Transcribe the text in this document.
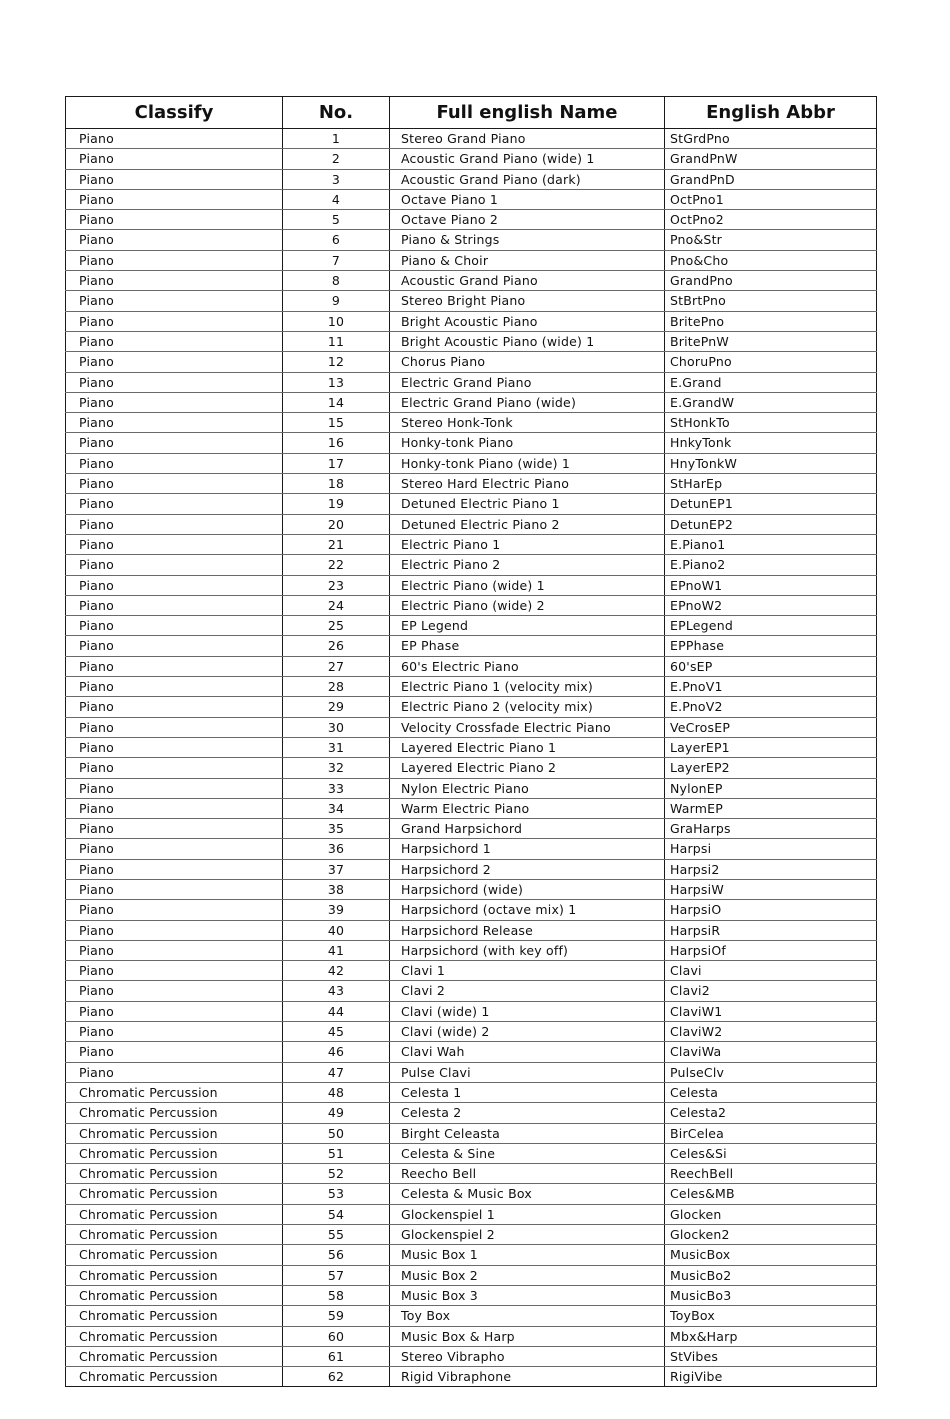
Classify	No.	Full english Name	English Abbr
Piano	1	Stereo Grand Piano	StGrdPno
Piano	2	Acoustic Grand Piano (wide) 1	GrandPnW
Piano	3	Acoustic Grand Piano (dark)	GrandPnD
Piano	4	Octave Piano 1	OctPno1
Piano	5	Octave Piano 2	OctPno2
Piano	6	Piano & Strings	Pno&Str
Piano	7	Piano & Choir	Pno&Cho
Piano	8	Acoustic Grand Piano	GrandPno
Piano	9	Stereo Bright Piano	StBrtPno
Piano	10	Bright Acoustic Piano	BritePno
Piano	11	Bright Acoustic Piano (wide) 1	BritePnW
Piano	12	Chorus Piano	ChoruPno
Piano	13	Electric Grand Piano	E.Grand
Piano	14	Electric Grand Piano (wide)	E.GrandW
Piano	15	Stereo Honk-Tonk	StHonkTo
Piano	16	Honky-tonk Piano	HnkyTonk
Piano	17	Honky-tonk Piano (wide) 1	HnyTonkW
Piano	18	Stereo Hard Electric Piano	StHarEp
Piano	19	Detuned Electric Piano 1	DetunEP1
Piano	20	Detuned Electric Piano 2	DetunEP2
Piano	21	Electric Piano 1	E.Piano1
Piano	22	Electric Piano 2	E.Piano2
Piano	23	Electric Piano (wide) 1	EPnoW1
Piano	24	Electric Piano (wide) 2	EPnoW2
Piano	25	EP Legend	EPLegend
Piano	26	EP Phase	EPPhase
Piano	27	60's Electric Piano	60'sEP
Piano	28	Electric Piano 1 (velocity mix)	E.PnoV1
Piano	29	Electric Piano 2 (velocity mix)	E.PnoV2
Piano	30	Velocity Crossfade Electric Piano	VeCrosEP
Piano	31	Layered Electric Piano 1	LayerEP1
Piano	32	Layered Electric Piano 2	LayerEP2
Piano	33	Nylon Electric Piano	NylonEP
Piano	34	Warm Electric Piano	WarmEP
Piano	35	Grand Harpsichord	GraHarps
Piano	36	Harpsichord 1	Harpsi
Piano	37	Harpsichord 2	Harpsi2
Piano	38	Harpsichord (wide)	HarpsiW
Piano	39	Harpsichord (octave mix) 1	HarpsiO
Piano	40	Harpsichord Release	HarpsiR
Piano	41	Harpsichord (with key off)	HarpsiOf
Piano	42	Clavi 1	Clavi
Piano	43	Clavi 2	Clavi2
Piano	44	Clavi (wide) 1	ClaviW1
Piano	45	Clavi (wide) 2	ClaviW2
Piano	46	Clavi Wah	ClaviWa
Piano	47	Pulse Clavi	PulseClv
Chromatic Percussion	48	Celesta 1	Celesta
Chromatic Percussion	49	Celesta 2	Celesta2
Chromatic Percussion	50	Birght Celeasta	BirCelea
Chromatic Percussion	51	Celesta & Sine	Celes&Si
Chromatic Percussion	52	Reecho Bell	ReechBell
Chromatic Percussion	53	Celesta & Music Box	Celes&MB
Chromatic Percussion	54	Glockenspiel 1	Glocken
Chromatic Percussion	55	Glockenspiel 2	Glocken2
Chromatic Percussion	56	Music Box 1	MusicBox
Chromatic Percussion	57	Music Box 2	MusicBo2
Chromatic Percussion	58	Music Box 3	MusicBo3
Chromatic Percussion	59	Toy Box	ToyBox
Chromatic Percussion	60	Music Box & Harp	Mbx&Harp
Chromatic Percussion	61	Stereo Vibrapho	StVibes
Chromatic Percussion	62	Rigid Vibraphone	RigiVibe
